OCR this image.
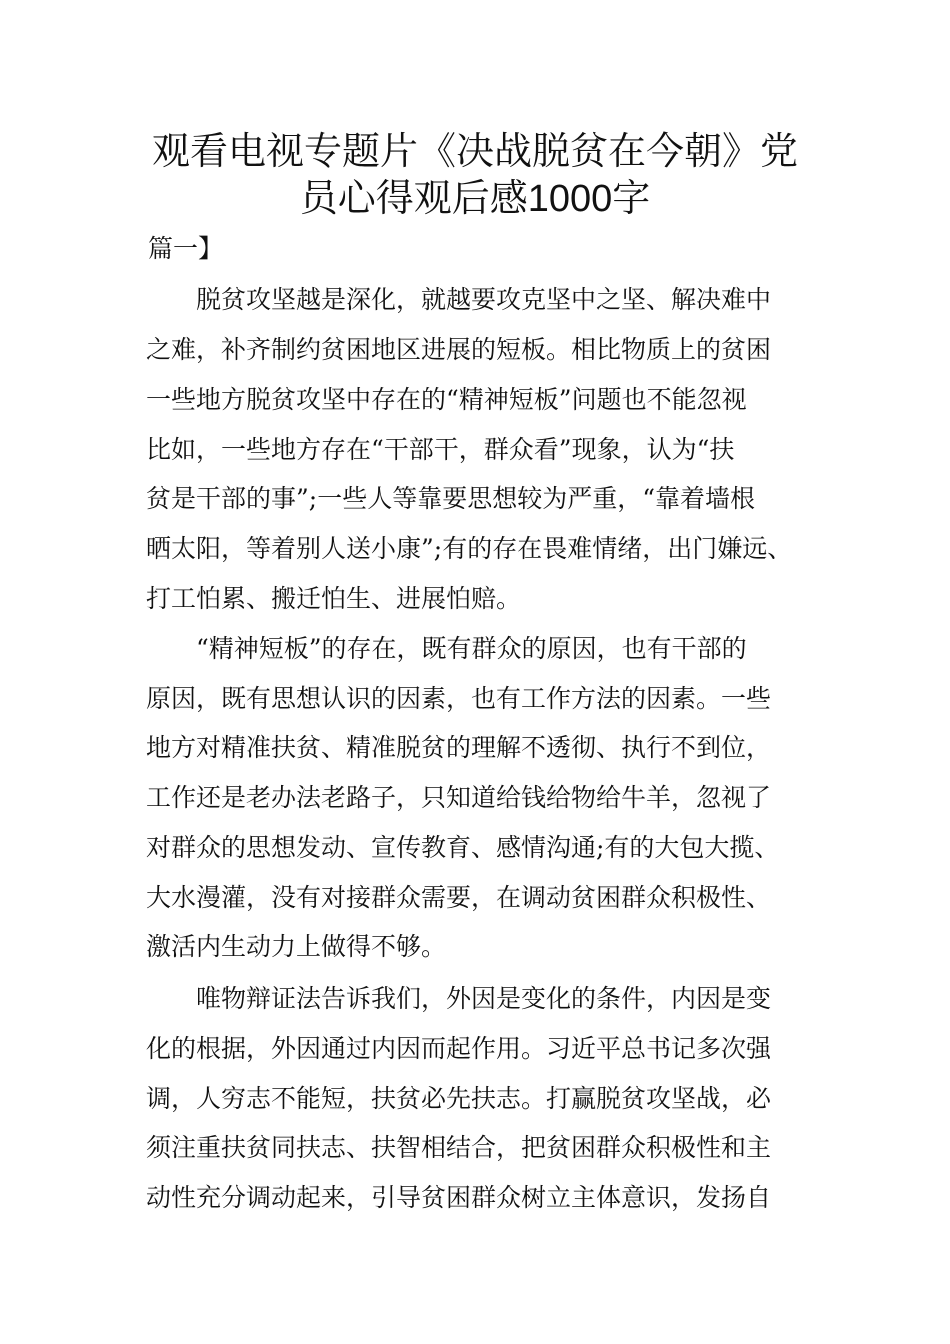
观看电视专题片《决战脱贫在今朝》党
员心得观后感1000字
篇一】
脱贫攻坚越是深化，就越要攻克坚中之坚、解决难中
之难，补齐制约贫困地区进展的短板。相比物质上的贫困
一些地方脱贫攻坚中存在的“精神短板”问题也不能忽视
比如，一些地方存在“干部干，群众看”现象，认为“扶
贫是干部的事”;一些人等靠要思想较为严重，“靠着墙根
晒太阳，等着别人送小康”;有的存在畏难情绪，出门嫌远、
打工怕累、搬迁怕生、进展怕赔。
“精神短板”的存在，既有群众的原因，也有干部的
原因，既有思想认识的因素，也有工作方法的因素。一些
地方对精准扶贫、精准脱贫的理解不透彻、执行不到位，
工作还是老办法老路子，只知道给钱给物给牛羊，忽视了
对群众的思想发动、宣传教育、感情沟通;有的大包大揽、
大水漫灌，没有对接群众需要，在调动贫困群众积极性、
激活内生动力上做得不够。
唯物辩证法告诉我们，外因是变化的条件，内因是变
化的根据，外因通过内因而起作用。习近平总书记多次强
调，人穷志不能短，扶贫必先扶志。打赢脱贫攻坚战，必
须注重扶贫同扶志、扶智相结合，把贫困群众积极性和主
动性充分调动起来，引导贫困群众树立主体意识，发扬自
